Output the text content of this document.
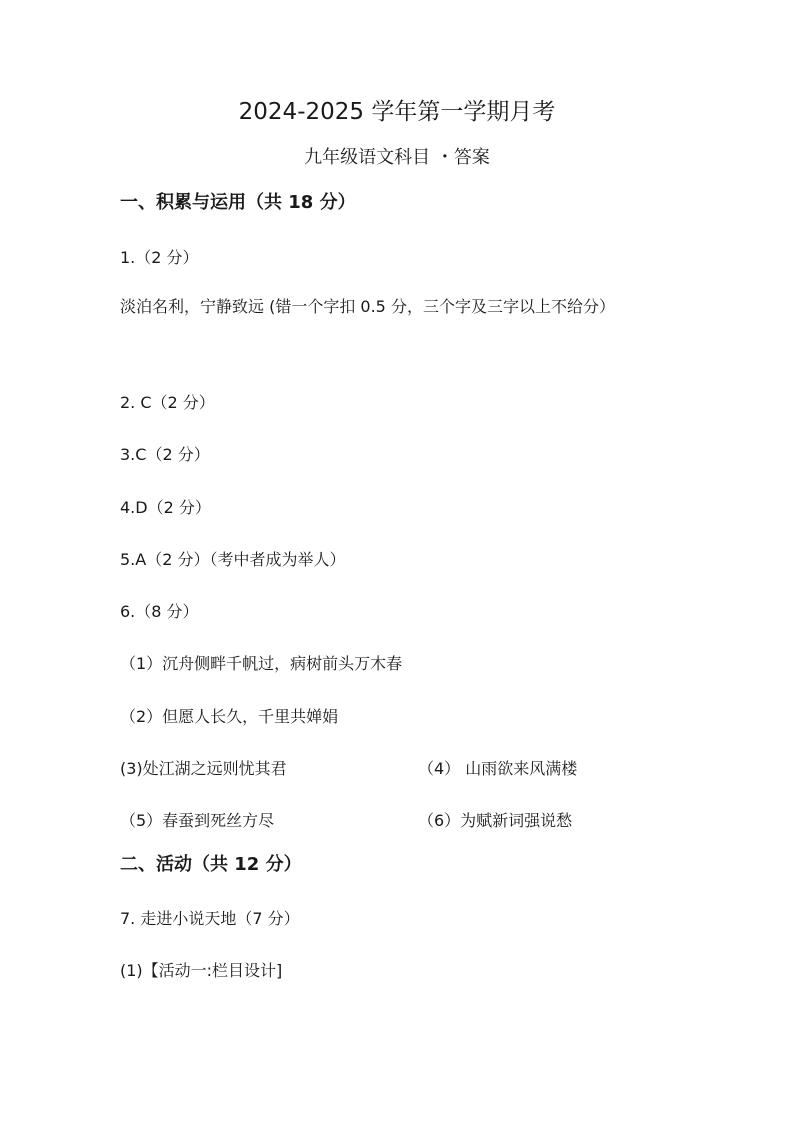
2024-2025 学年第一学期月考
九年级语文科目 ・答案
一、积累与运用（共 18 分）
1.（2 分）
淡泊名利，宁静致远 (错一个字扣 0.5 分，三个字及三字以上不给分）
2. C（2 分）
3.C（2 分）
4.D（2 分）
5.A（2 分）（考中者成为举人）
6.（8 分）
（1）沉舟侧畔千帆过，病树前头万木春
（2）但愿人长久，千里共婵娟
(3)处江湖之远则忧其君	（4） 山雨欲来风满楼
（5）春蚕到死丝方尽	（6）为赋新词强说愁
二、活动（共 12 分）
7. 走进小说天地（7 分）
(1)【活动一:栏目设计]
